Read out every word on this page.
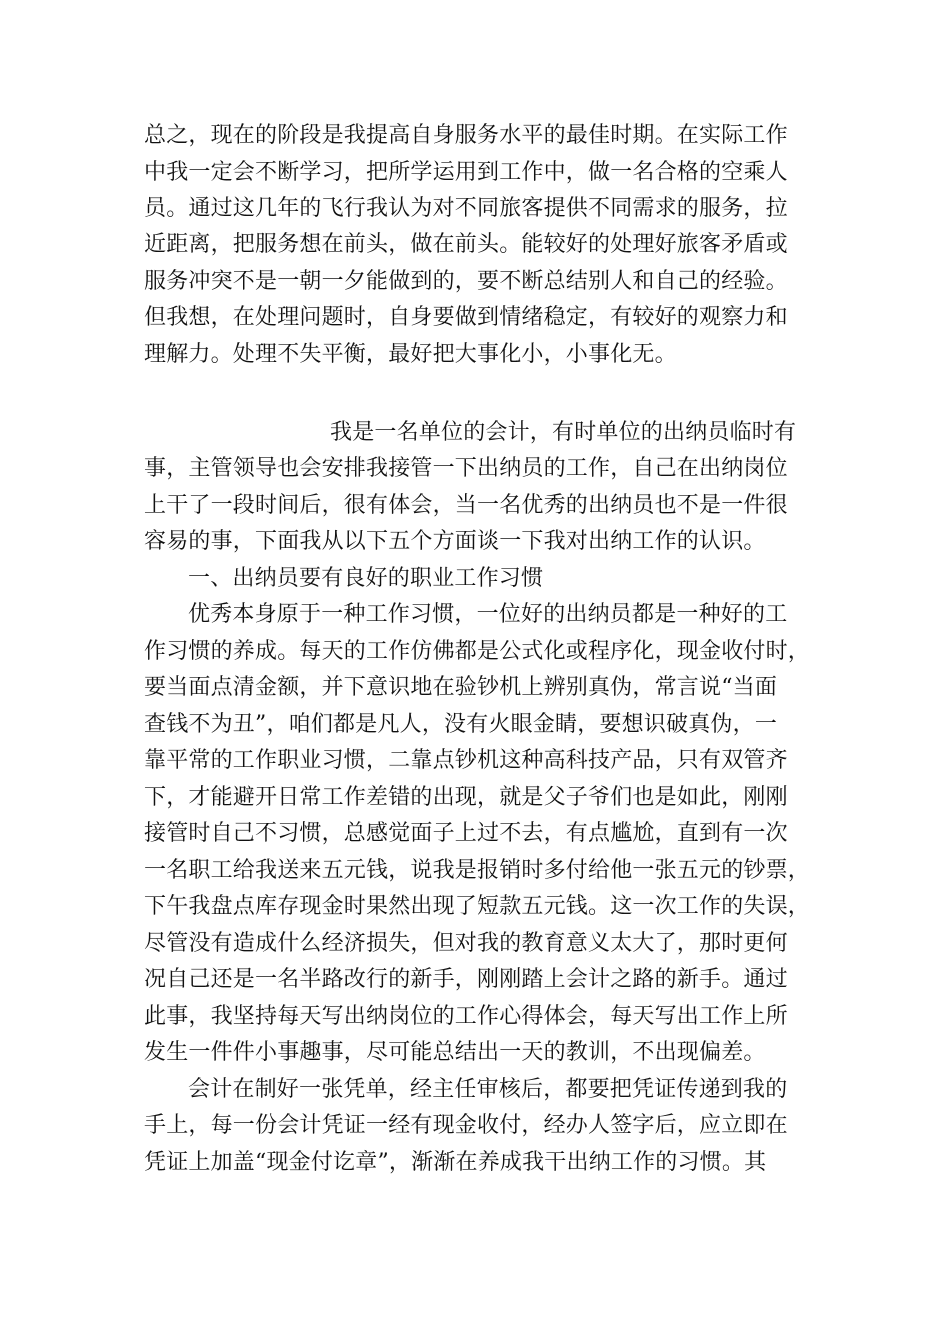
总之，现在的阶段是我提高自身服务水平的最佳时期。在实际工作
中我一定会不断学习，把所学运用到工作中，做一名合格的空乘人
员。通过这几年的飞行我认为对不同旅客提供不同需求的服务，拉
近距离，把服务想在前头，做在前头。能较好的处理好旅客矛盾或
服务冲突不是一朝一夕能做到的，要不断总结别人和自己的经验。
但我想，在处理问题时，自身要做到情绪稳定，有较好的观察力和
理解力。处理不失平衡，最好把大事化小，小事化无。
我是一名单位的会计，有时单位的出纳员临时有
事，主管领导也会安排我接管一下出纳员的工作，自己在出纳岗位
上干了一段时间后，很有体会，当一名优秀的出纳员也不是一件很
容易的事，下面我从以下五个方面谈一下我对出纳工作的认识。
一、出纳员要有良好的职业工作习惯
优秀本身原于一种工作习惯，一位好的出纳员都是一种好的工
作习惯的养成。每天的工作仿佛都是公式化或程序化，现金收付时，
要当面点清金额，并下意识地在验钞机上辨别真伪，常言说“当面
查钱不为丑”，咱们都是凡人，没有火眼金睛，要想识破真伪，一
靠平常的工作职业习惯，二靠点钞机这种高科技产品，只有双管齐
下，才能避开日常工作差错的出现，就是父子爷们也是如此，刚刚
接管时自己不习惯，总感觉面子上过不去，有点尴尬，直到有一次
一名职工给我送来五元钱，说我是报销时多付给他一张五元的钞票，
下午我盘点库存现金时果然出现了短款五元钱。这一次工作的失误，
尽管没有造成什么经济损失，但对我的教育意义太大了，那时更何
况自己还是一名半路改行的新手，刚刚踏上会计之路的新手。通过
此事，我坚持每天写出纳岗位的工作心得体会，每天写出工作上所
发生一件件小事趣事，尽可能总结出一天的教训，不出现偏差。
会计在制好一张凭单，经主任审核后，都要把凭证传递到我的
手上，每一份会计凭证一经有现金收付，经办人签字后，应立即在
凭证上加盖“现金付讫章”，渐渐在养成我干出纳工作的习惯。其
